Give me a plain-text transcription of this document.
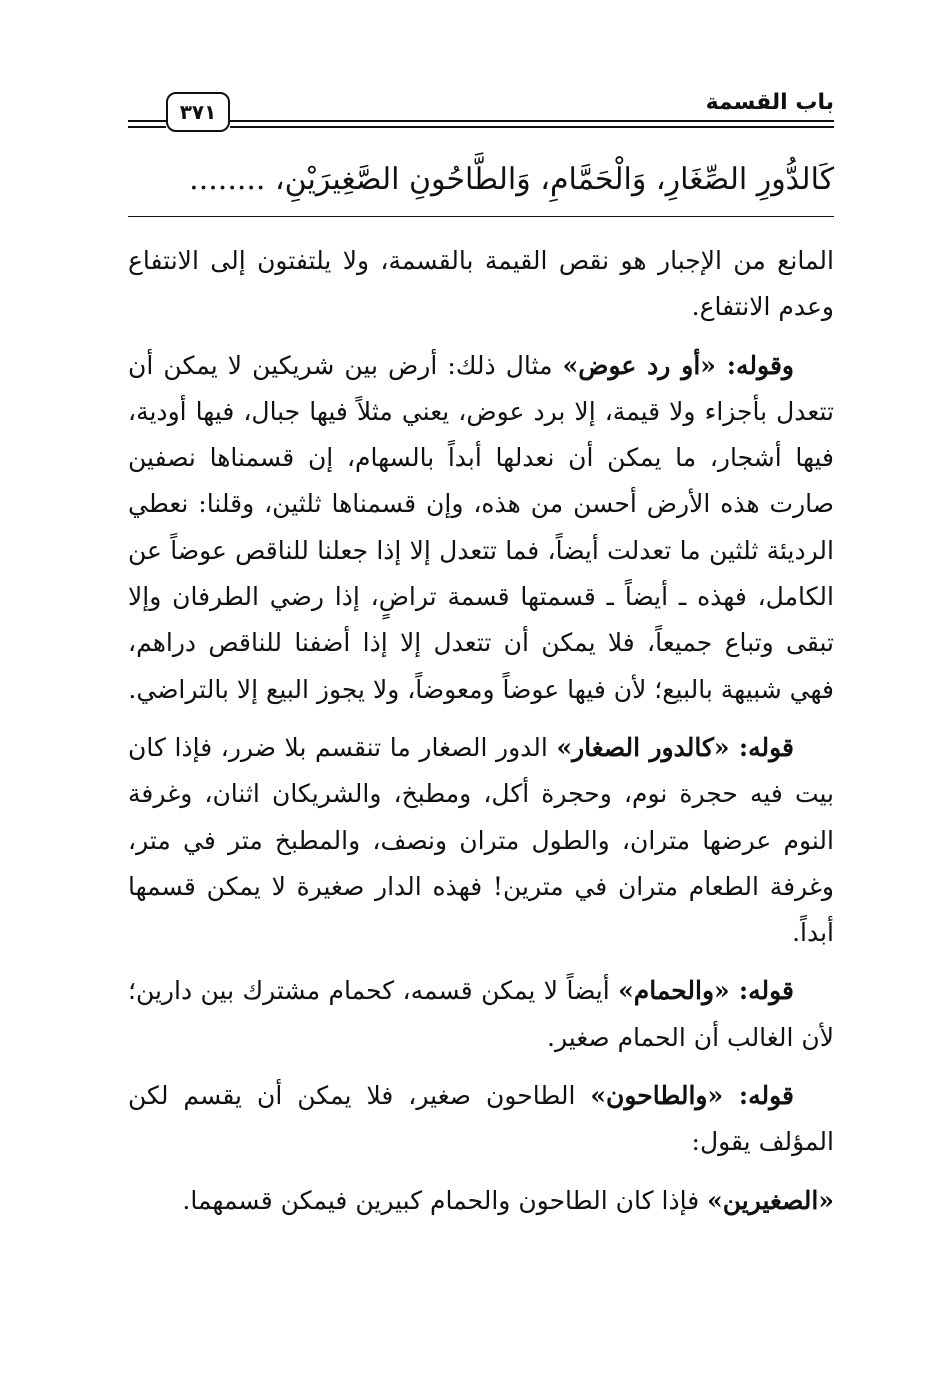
باب القسمة
٣٧١
كَالدُّورِ الصِّغَارِ، وَالْحَمَّامِ، وَالطَّاحُونِ الصَّغِيرَيْنِ، ........

المانع من الإجبار هو نقص القيمة بالقسمة، ولا يلتفتون إلى الانتفاع وعدم الانتفاع.

وقوله: «أو رد عوض» مثال ذلك: أرض بين شريكين لا يمكن أن تتعدل بأجزاء ولا قيمة، إلا برد عوض، يعني مثلاً فيها جبال، فيها أودية، فيها أشجار، ما يمكن أن نعدلها أبداً بالسهام، إن قسمناها نصفين صارت هذه الأرض أحسن من هذه، وإن قسمناها ثلثين، وقلنا: نعطي الرديئة ثلثين ما تعدلت أيضاً، فما تتعدل إلا إذا جعلنا للناقص عوضاً عن الكامل، فهذه ـ أيضاً ـ قسمتها قسمة تراضٍ، إذا رضي الطرفان وإلا تبقى وتباع جميعاً، فلا يمكن أن تتعدل إلا إذا أضفنا للناقص دراهم، فهي شبيهة بالبيع؛ لأن فيها عوضاً ومعوضاً، ولا يجوز البيع إلا بالتراضي.

قوله: «كالدور الصغار» الدور الصغار ما تنقسم بلا ضرر، فإذا كان بيت فيه حجرة نوم، وحجرة أكل، ومطبخ، والشريكان اثنان، وغرفة النوم عرضها متران، والطول متران ونصف، والمطبخ متر في متر، وغرفة الطعام متران في مترين! فهذه الدار صغيرة لا يمكن قسمها أبداً.

قوله: «والحمام» أيضاً لا يمكن قسمه، كحمام مشترك بين دارين؛ لأن الغالب أن الحمام صغير.

قوله: «والطاحون» الطاحون صغير، فلا يمكن أن يقسم لكن المؤلف يقول:

«الصغيرين» فإذا كان الطاحون والحمام كبيرين فيمكن قسمهما.
